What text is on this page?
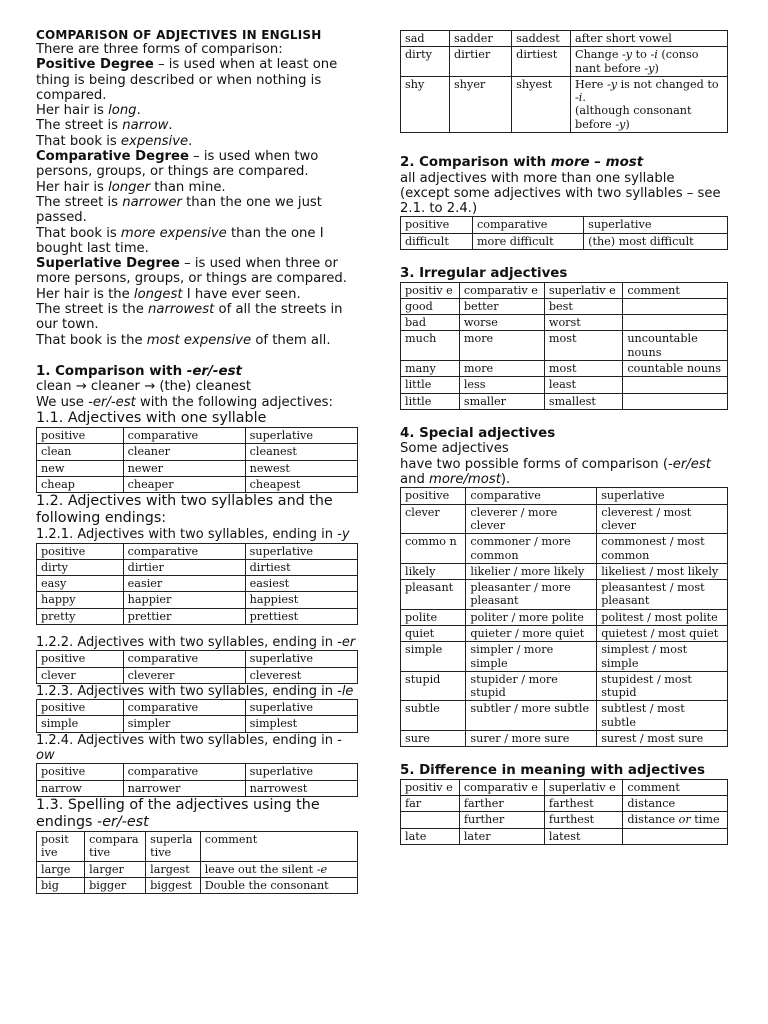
COMPARISON OF ADJECTIVES IN ENGLISH

There are three forms of comparison:

Positive Degree – is used when at least one thing is being described or when nothing is compared.

Her hair is long.

The street is narrow.

That book is expensive.

Comparative Degree – is used when two persons, groups, or things are compared.

Her hair is longer than mine.

The street is narrower than the one we just passed.

That book is more expensive than the one I bought last time.

Superlative Degree – is used when three or more persons, groups, or things are compared.

Her hair is the longest I have ever seen.

The street is the narrowest of all the streets in our town.

That book is the most expensive of them all.

1. Comparison with -er/-est

clean → cleaner → (the) cleanest

We use -er/-est with the following adjectives:

1.1. Adjectives with one syllable

positive	comparative	superlative
clean	cleaner	cleanest
new	newer	newest
cheap	cheaper	cheapest

1.2. Adjectives with two syllables and the following endings:

1.2.1. Adjectives with two syllables, ending in -y

positive	comparative	superlative
dirty	dirtier	dirtiest
easy	easier	easiest
happy	happier	happiest
pretty	prettier	prettiest

1.2.2. Adjectives with two syllables, ending in -er

positive	comparative	superlative
clever	cleverer	cleverest

1.2.3. Adjectives with two syllables, ending in -le

positive	comparative	superlative
simple	simpler	simplest

1.2.4. Adjectives with two syllables, ending in -ow

positive	comparative	superlative
narrow	narrower	narrowest

1.3. Spelling of the adjectives using the endings -er/-est

posit ive	compara tive	superla tive	comment
large	larger	largest	leave out the silent -e
big	bigger	biggest	Double the consonant
sad	sadder	saddest	after short vowel
dirty	dirtier	dirtiest	Change -y to -i (conso nant before -y)
shy	shyer	shyest	Here -y is not changed to -i.
(although consonant before -y)

2. Comparison with more – most

all adjectives with more than one syllable (except some adjectives with two syllables – see 2.1. to 2.4.)

positive	comparative	superlative
difficult	more difficult	(the) most difficult

3. Irregular adjectives

positiv e	comparativ e	superlativ e	comment
good	better	best	
bad	worse	worst	
much	more	most	uncountable nouns
many	more	most	countable nouns
little	less	least	
little	smaller	smallest	

4. Special adjectives

Some adjectives

have two possible forms of comparison (-er/est and more/most).

positive	comparative	superlative
clever	cleverer / more clever	cleverest / most clever
commo n	commoner / more common	commonest / most common
likely	likelier / more likely	likeliest / most likely
pleasant	pleasanter / more pleasant	pleasantest / most pleasant
polite	politer / more polite	politest / most polite
quiet	quieter / more quiet	quietest / most quiet
simple	simpler / more simple	simplest / most simple
stupid	stupider / more stupid	stupidest / most stupid
subtle	subtler / more subtle	subtlest / most subtle
sure	surer / more sure	surest / most sure

5. Difference in meaning with adjectives

positiv e	comparativ e	superlativ e	comment
far	farther	farthest	distance
	further	furthest	distance or time
late	later	latest	
